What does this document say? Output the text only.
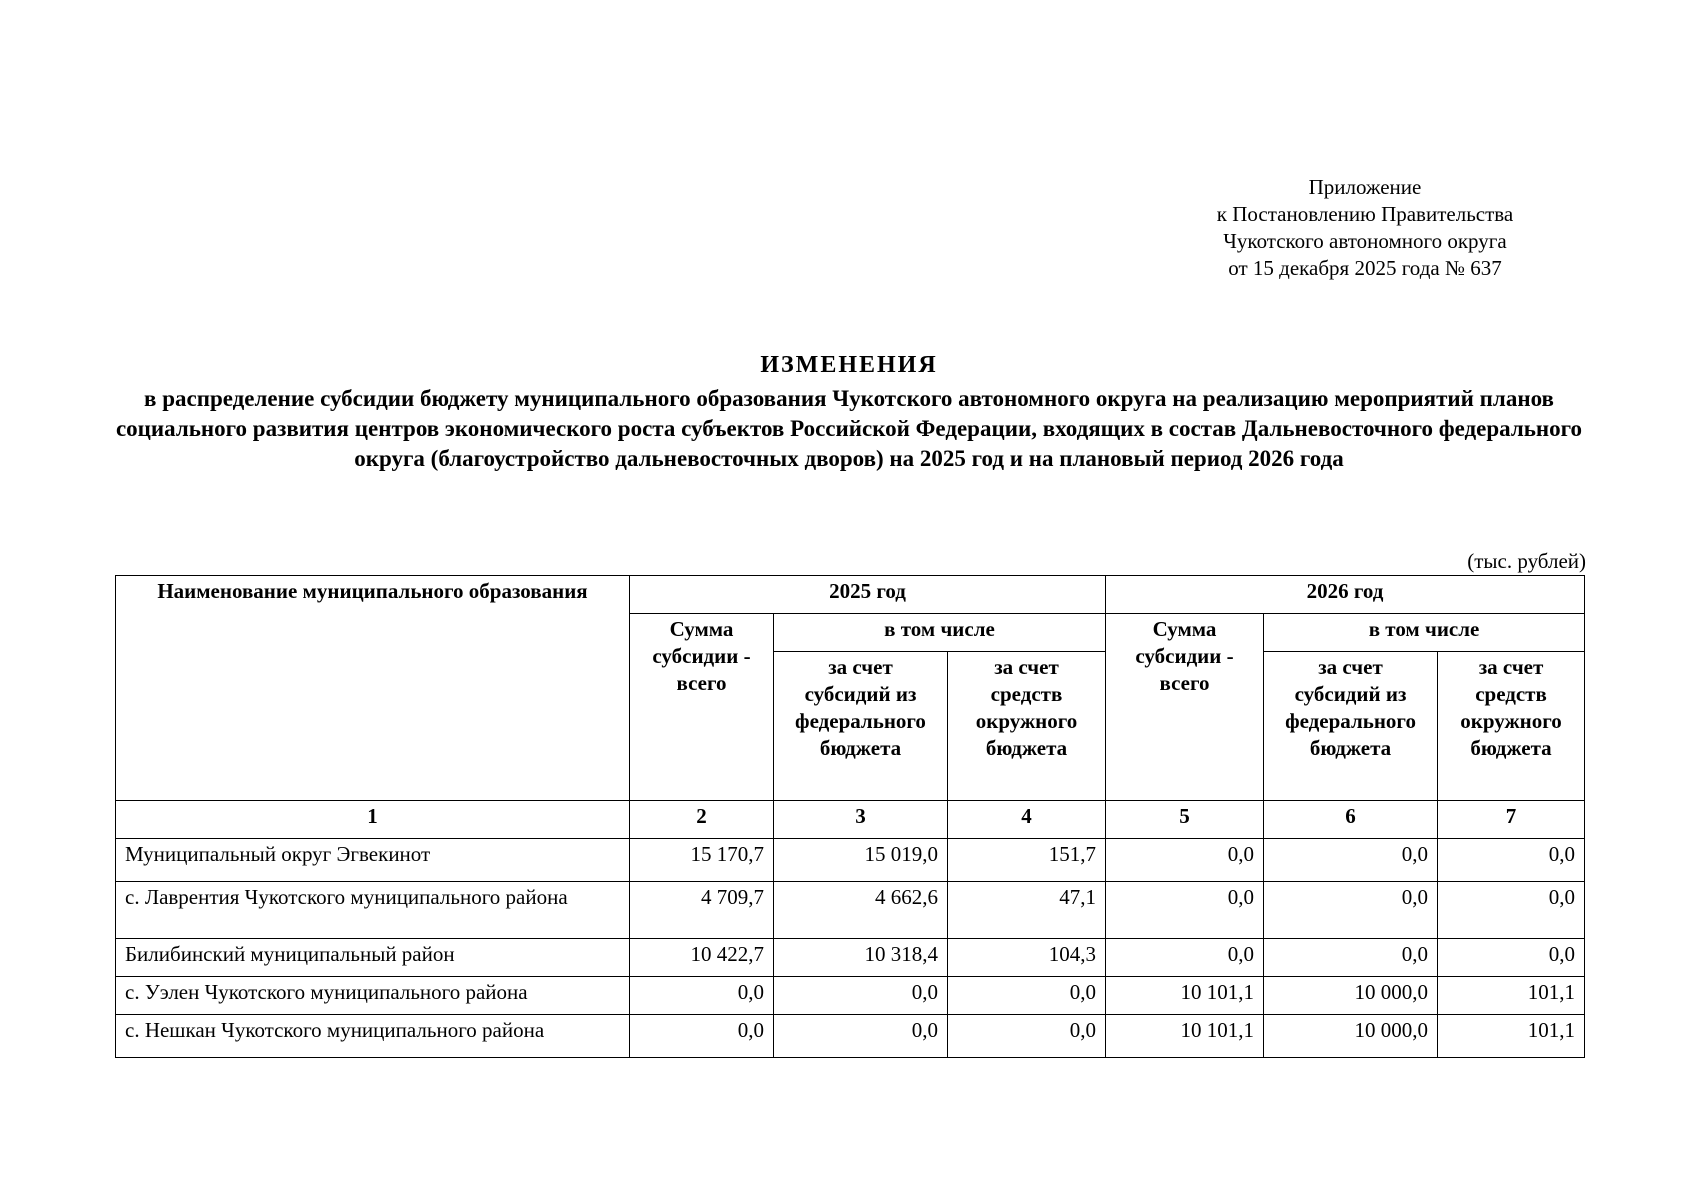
Приложение
к Постановлению Правительства
Чукотского автономного округа
от 15 декабря 2025 года № 637
ИЗМЕНЕНИЯ
в распределение субсидии бюджету муниципального образования Чукотского автономного округа на реализацию мероприятий планов социального развития центров экономического роста субъектов Российской Федерации, входящих в состав Дальневосточного федерального округа (благоустройство дальневосточных дворов) на 2025 год и на плановый период 2026 года
(тыс. рублей)
Наименование муниципального образования	2025 год			2026 год		
	Сумма субсидии - всего	в том числе		Сумма субсидии - всего	в том числе	
		за счет субсидий из федерального бюджета	за счет средств окружного бюджета		за счет субсидий из федерального бюджета	за счет средств окружного бюджета
1	2	3	4	5	6	7
Муниципальный округ Эгвекинот	15 170,7	15 019,0	151,7	0,0	0,0	0,0
с. Лаврентия Чукотского муниципального района	4 709,7	4 662,6	47,1	0,0	0,0	0,0
Билибинский муниципальный район	10 422,7	10 318,4	104,3	0,0	0,0	0,0
с. Уэлен Чукотского муниципального района	0,0	0,0	0,0	10 101,1	10 000,0	101,1
с. Нешкан Чукотского муниципального района	0,0	0,0	0,0	10 101,1	10 000,0	101,1
